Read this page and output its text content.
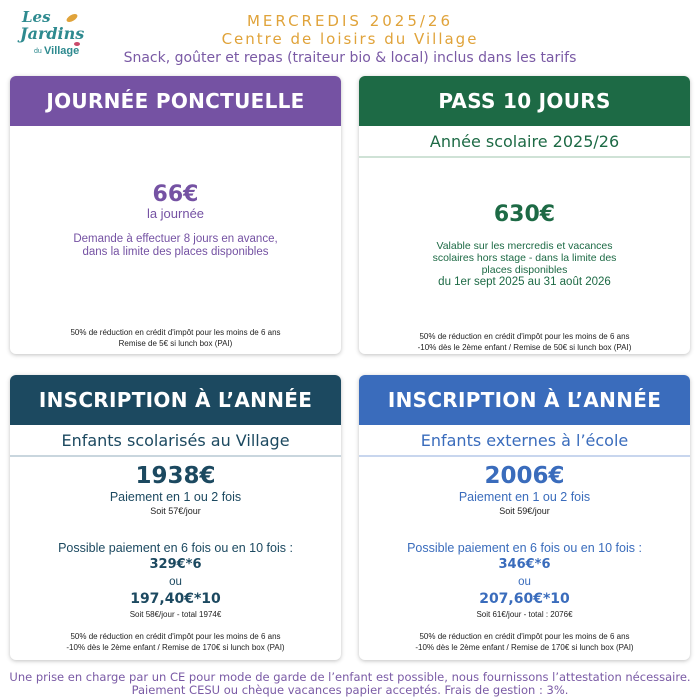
Les
Jardins
du Village
MERCREDIS 2025/26
Centre de loisirs du Village
Snack, goûter et repas (traiteur bio & local) inclus dans les tarifs
JOURNÉE PONCTUELLE
66€
la journée
Demande à effectuer 8 jours en avance,
dans la limite des places disponibles
50% de réduction en crédit d'impôt pour les moins de 6 ans
Remise de 5€ si lunch box (PAI)
PASS 10 JOURS
Année scolaire 2025/26
630€
Valable sur les mercredis et vacances
scolaires hors stage - dans la limite des
places disponibles
du 1er sept 2025 au 31 août 2026
50% de réduction en crédit d'impôt pour les moins de 6 ans
-10% dès le 2ème enfant / Remise de 50€ si lunch box (PAI)
INSCRIPTION À L’ANNÉE
Enfants scolarisés au Village
1938€
Paiement en 1 ou 2 fois
Soit 57€/jour
Possible paiement en 6 fois ou en 10 fois :
329€*6
ou
197,40€*10
Soit 58€/jour - total 1974€
50% de réduction en crédit d'impôt pour les moins de 6 ans
-10% dès le 2ème enfant / Remise de 170€ si lunch box (PAI)
INSCRIPTION À L’ANNÉE
Enfants externes à l’école
2006€
Paiement en 1 ou 2 fois
Soit 59€/jour
Possible paiement en 6 fois ou en 10 fois :
346€*6
ou
207,60€*10
Soit 61€/jour - total : 2076€
50% de réduction en crédit d'impôt pour les moins de 6 ans
-10% dès le 2ème enfant / Remise de 170€ si lunch box (PAI)
Une prise en charge par un CE pour mode de garde de l’enfant est possible, nous fournissons l’attestation nécessaire.
Paiement CESU ou chèque vacances papier acceptés. Frais de gestion : 3%.
